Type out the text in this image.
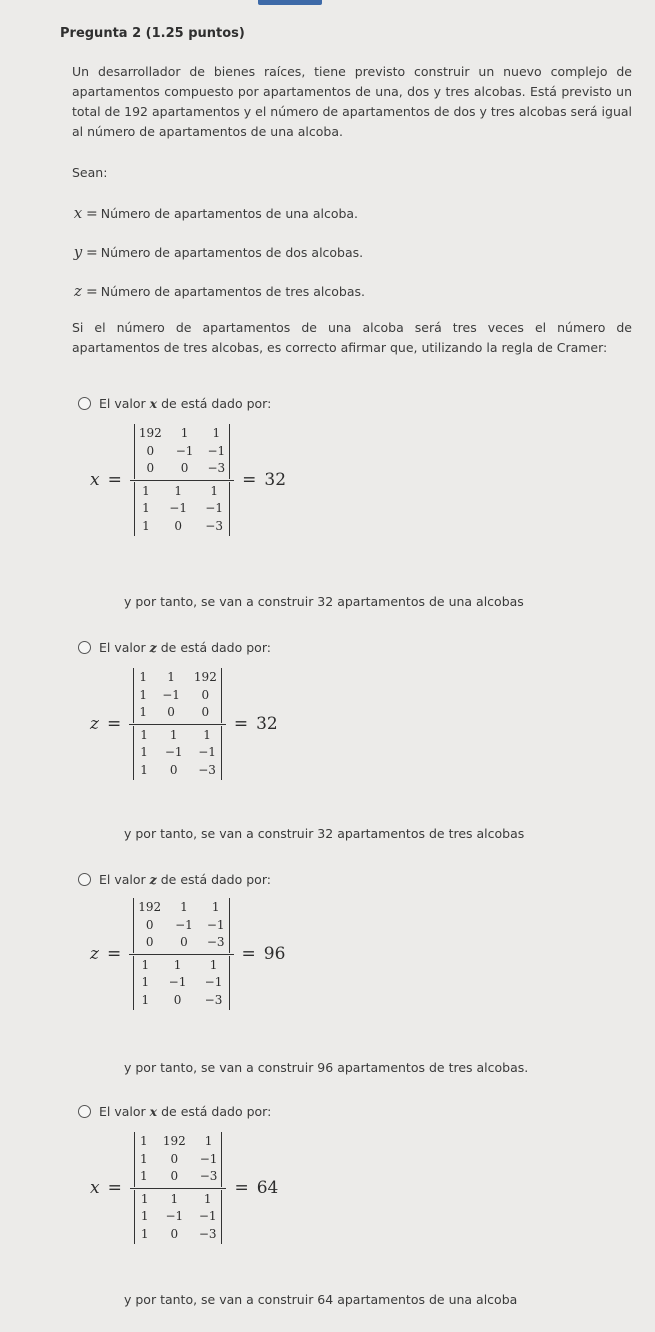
Pregunta 2 (1.25 puntos)
Un desarrollador de bienes raíces, tiene previsto construir un nuevo complejo de apartamentos compuesto por apartamentos de una, dos y tres alcobas. Está previsto un total de 192 apartamentos y el número de apartamentos de dos y tres alcobas será igual al número de apartamentos de una alcoba.
Sean:
x = Número de apartamentos de una alcoba.
y = Número de apartamentos de dos alcobas.
z = Número de apartamentos de tres alcobas.
Si el número de apartamentos de una alcoba será tres veces el número de apartamentos de tres alcobas, es correcto afirmar que, utilizando la regla de Cramer:
El valor x de está dado por:
x = 192	1	1
0	−1 −1
0	0	−3
1	1	1
1 −1 −1
1	0	−3 = 32
y por tanto, se van a construir 32 apartamentos de una alcobas
El valor z de está dado por:
z = 1	1	192
1 −1	0
1	0	0
1	1	1
1 −1 −1
1	0	−3 = 32
y por tanto, se van a construir 32 apartamentos de tres alcobas
El valor z de está dado por:
z = 192	1	1
0	−1 −1
0	0	−3
1	1	1
1 −1 −1
1	0	−3 = 96
y por tanto, se van a construir 96 apartamentos de tres alcobas.
El valor x de está dado por:
x = 1 192	1
1	0	−1
1	0	−3
1	1	1
1 −1 −1
1	0	−3 = 64
y por tanto, se van a construir 64 apartamentos de una alcoba
